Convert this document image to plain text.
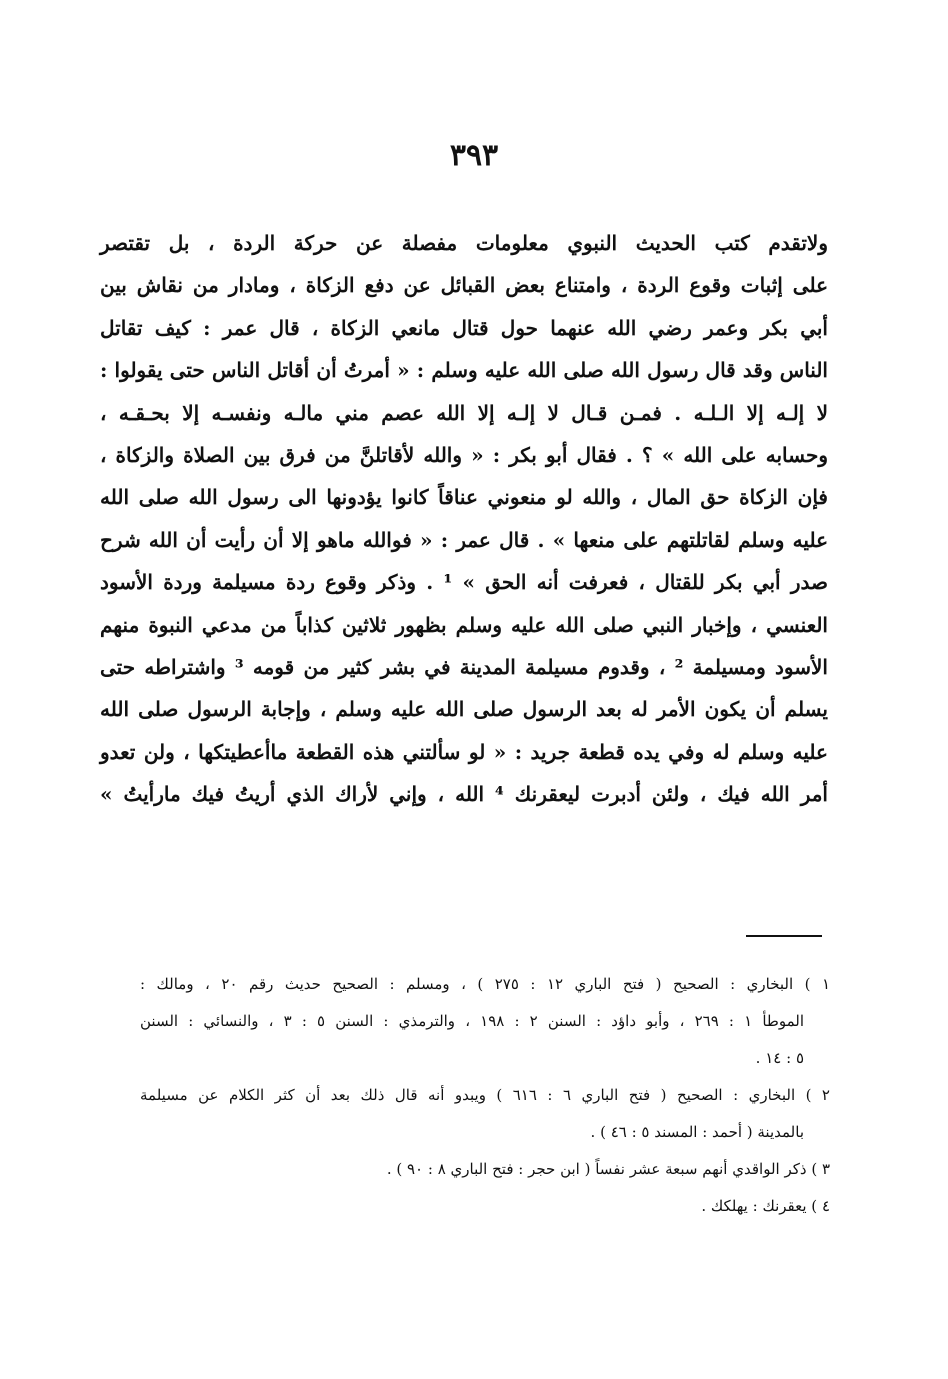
٣٩٣
ولاتقدم كتب الحديث النبوي معلومات مفصلة عن حركة الردة ، بل تقتصر
على إثبات وقوع الردة ، وامتناع بعض القبائل عن دفع الزكاة ، ومادار من نقاش بين
أبي بكر وعمر رضي الله عنهما حول قتال مانعي الزكاة ، قال عمر : كيف تقاتل
الناس وقد قال رسول الله صلى الله عليه وسلم : « أمرتُ أن أقاتل الناس حتى يقولوا :
لا إلـه إلا الـلـه . فمـن قـال لا إلـه إلا الله عصم مني مالـه ونفسـه إلا بحـقـه ،
وحسابه على الله » ؟ . فقال أبو بكر : « والله لأقاتلنَّ من فرق بين الصلاة والزكاة ،
فإن الزكاة حق المال ، والله لو منعوني عناقاً كانوا يؤدونها الى رسول الله صلى الله
عليه وسلم لقاتلتهم على منعها » . قال عمر : « فوالله ماهو إلا أن رأيت أن الله شرح
صدر أبي بكر للقتال ، فعرفت أنه الحق » ¹ . وذكر وقوع ردة مسيلمة وردة الأسود
العنسي ، وإخبار النبي صلى الله عليه وسلم بظهور ثلاثين كذاباً من مدعي النبوة منهم
الأسود ومسيلمة ² ، وقدوم مسيلمة المدينة في بشر كثير من قومه ³ واشتراطه حتى
يسلم أن يكون الأمر له بعد الرسول صلى الله عليه وسلم ، وإجابة الرسول صلى الله
عليه وسلم له وفي يده قطعة جريد : « لو سألتني هذه القطعة ماأعطيتكها ، ولن تعدو
أمر الله فيك ، ولئن أدبرت ليعقرنك ⁴ الله ، وإني لأراك الذي أريتُ فيك مارأيتُ »
١ ) البخاري : الصحيح ( فتح الباري ١٢ : ٢٧٥ ) ، ومسلم : الصحيح حديث رقم ٢٠ ، ومالك :
الموطأ ١ : ٢٦٩ ، وأبو داؤد : السنن ٢ : ١٩٨ ، والترمذي : السنن ٥ : ٣ ، والنسائي : السنن
٥ : ١٤ .
٢ ) البخاري : الصحيح ( فتح الباري ٦ : ٦١٦ ) ويبدو أنه قال ذلك بعد أن كثر الكلام عن مسيلمة
بالمدينة ( أحمد : المسند ٥ : ٤٦ ) .
٣ ) ذكر الواقدي أنهم سبعة عشر نفساً ( ابن حجر : فتح الباري ٨ : ٩٠ ) .
٤ ) يعقرنك : يهلكك .
